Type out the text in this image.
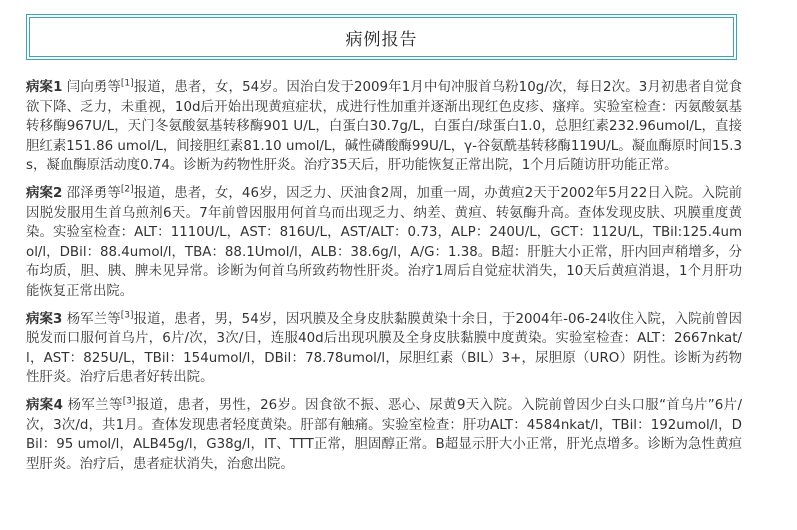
病例报告

病案1 闫向勇等[1]报道，患者，女，54岁。因治白发于2009年1月中旬冲服首乌粉10g/次，每日2次。3月初患者自觉食欲下降、乏力，未重视，10d后开始出现黄疸症状，成进行性加重并逐渐出现红色皮疹、瘙痒。实验室检查：丙氨酸氨基转移酶967U/L，天门冬氨酸氨基转移酶901 U/L，白蛋白30.7g/L，白蛋白/球蛋白1.0，总胆红素232.96umol/L，直接胆红素151.86 umol/L，间接胆红素81.10 umol/L，碱性磷酸酶99U/L，γ-谷氨酰基转移酶119U/L。凝血酶原时间15.3s，凝血酶原活动度0.74。诊断为药物性肝炎。治疗35天后，肝功能恢复正常出院，1个月后随访肝功能正常。

病案2 邵泽勇等[2]报道，患者，女，46岁，因乏力、厌油食2周，加重一周，办黄疸2天于2002年5月22日入院。入院前因脱发服用生首乌煎剂6天。7年前曾因服用何首乌而出现乏力、纳差、黄疸、转氨酶升高。查体发现皮肤、巩膜重度黄染。实验室检查：ALT：1110U/L，AST：816U/L，AST/ALT：0.73，ALP：240U/L，GCT：112U/L，TBil:125.4umol/l，DBil：88.4umol/l，TBA：88.1Umol/l，ALB：38.6g/l，A/G：1.38。B超：肝脏大小正常，肝内回声稍增多，分布均质，胆、胰、脾未见异常。诊断为何首乌所致药物性肝炎。治疗1周后自觉症状消失，10天后黄疸消退，1个月肝功能恢复正常出院。

病案3 杨军兰等[3]报道，患者，男，54岁，因巩膜及全身皮肤黏膜黄染十余日，于2004年-06-24收住入院，入院前曾因脱发而口服何首乌片，6片/次，3次/日，连服40d后出现巩膜及全身皮肤黏膜中度黄染。实验室检查：ALT：2667nkat/l，AST：825U/L，TBil：154umol/l，DBil：78.78umol/l，尿胆红素（BIL）3+，尿胆原（URO）阴性。诊断为药物性肝炎。治疗后患者好转出院。

病案4 杨军兰等[3]报道，患者，男性，26岁。因食欲不振、恶心、尿黄9天入院。入院前曾因少白头口服“首乌片”6片/次，3次/d，共1月。查体发现患者轻度黄染。肝部有触痛。实验室检查：肝功ALT：4584nkat/l，TBil：192umol/l，DBil：95 umol/l，ALB45g/l，G38g/l，IT、TTT正常，胆固醇正常。B超显示肝大小正常，肝光点增多。诊断为急性黄疸型肝炎。治疗后，患者症状消失，治愈出院。
